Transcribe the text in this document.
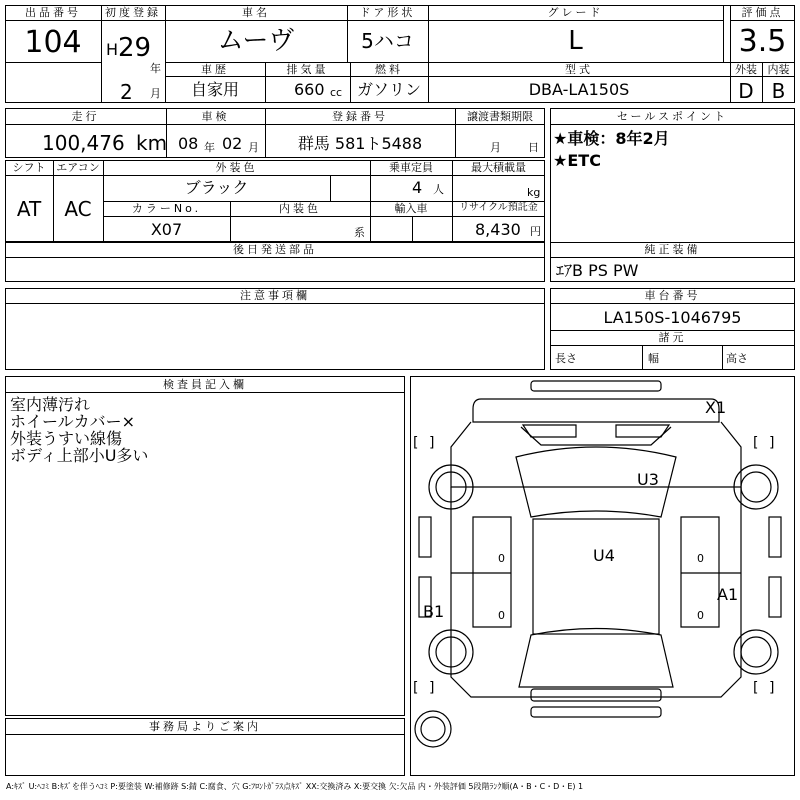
出品番号
104
初度登録
H 29
年
2 月
車名
ムーヴ
ドア形状
5ハコ
グレード
L
評価点
3.5
車歴
自家用
排気量
660 cc
燃料
ガソリン
型式
DBA-LA150S
外装
D
内装
B
走行
100,476 km
車検
08 年 02 月
登録番号
群馬 581ト5488
譲渡書類期限
月 日
セールスポイント
★車検：8年2月
★ETC
シフト
AT
エアコン
AC
外装色
ブラック
乗車定員
4 人
最大積載量
kg
カラーNo.
X07
内装色
系
輸入車	リサイクル預託金
8,430 円
後日発送部品	純正装備
ｴｱB PS PW
注意事項欄	車台番号
LA150S-1046795
諸元
長さ	幅	高さ
検査員記入欄
室内薄汚れ
ホイールカバー×
外装うすい線傷
ボディ上部小U多い
事務局よりご案内
[ ]	[ ]
[ ]	[ ]
X1
U3
U4
A1
B1
0	0
0	0
A:ｷｽﾞ U:ﾍｺﾐ B:ｷｽﾞを伴うﾍｺﾐ P:要塗装 W:補修跡 S:錆 C:腐食、穴 G:ﾌﾛﾝﾄｶﾞﾗｽ点ｷｽﾞ XX:交換済み X:要交換 欠:欠品 内・外装評価 5段階ﾗﾝｸ順(A・B・C・D・E) 1
